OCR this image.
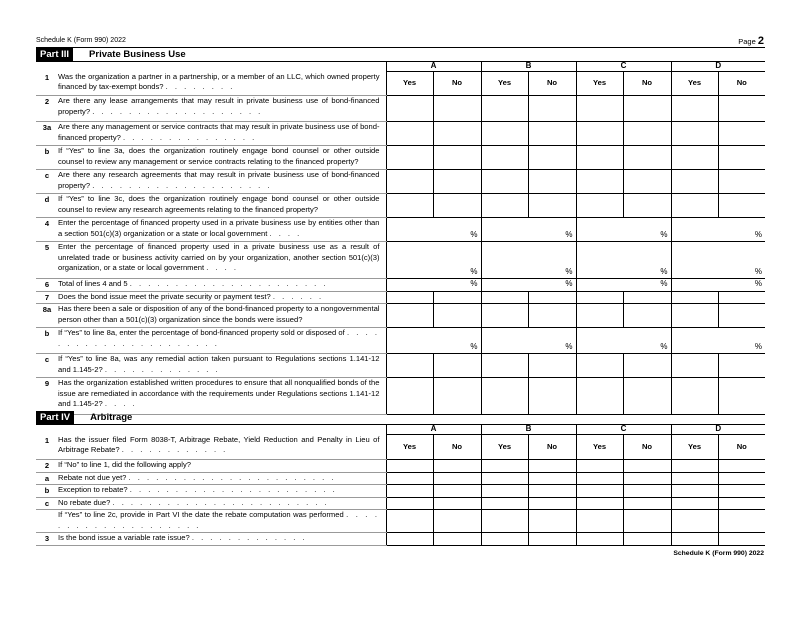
Schedule K (Form 990) 2022	Page 2
Part III	Private Business Use
		A		B		C		D	
1	Was the organization a partner in a partnership, or a member of an LLC, which owned property financed by tax-exempt bonds? . . . . . . . .	Yes	No	Yes	No	Yes	No	Yes	No
2	Are there any lease arrangements that may result in private business use of bond-financed property? . . . . . . . . . . . . . . . . . . .								
3a	Are there any management or service contracts that may result in private business use of bond-financed property? . . . . . . . . . . . . . . .								
b	If “Yes” to line 3a, does the organization routinely engage bond counsel or other outside counsel to review any management or service contracts relating to the financed property?								
c	Are there any research agreements that may result in private business use of bond-financed property? . . . . . . . . . . . . . . . . . . . .								
d	If “Yes” to line 3c, does the organization routinely engage bond counsel or other outside counsel to review any research agreements relating to the financed property?								
4	Enter the percentage of financed property used in a private business use by entities other than a section 501(c)(3) organization or a state or local government . . . .	%		%		%		%	

5	Enter the percentage of financed property used in a private business use as a result of unrelated trade or business activity carried on by your organization, another section 501(c)(3) organization, or a state or local government . . . .	%		%		%		%	

6	Total of lines 4 and 5 . . . . . . . . . . . . . . . . . . . . . .	%		%		%		%	

7	Does the bond issue meet the private security or payment test? . . . . . .								
8a	Has there been a sale or disposition of any of the bond-financed property to a nongovernmental person other than a 501(c)(3) organization since the bonds were issued?								
b	If “Yes” to line 8a, enter the percentage of bond-financed property sold or disposed of . . . . . . . . . . . . . . . . . . . . . .	%		%		%		%	

c	If “Yes” to line 8a, was any remedial action taken pursuant to Regulations sections 1.141-12 and 1.145-2? . . . . . . . . . . . . .								
9	Has the organization established written procedures to ensure that all nonqualified bonds of the issue are remediated in accordance with the requirements under Regulations sections 1.141-12 and 1.145-2? . . . .								
Part IV	Arbitrage
		A		B		C		D	
1	Has the issuer filed Form 8038-T, Arbitrage Rebate, Yield Reduction and Penalty in Lieu of Arbitrage Rebate? . . . . . . . . . . . .	Yes	No	Yes	No	Yes	No	Yes	No
2	If “No” to line 1, did the following apply?								
a	Rebate not due yet? . . . . . . . . . . . . . . . . . . . . . . .								
b	Exception to rebate? . . . . . . . . . . . . . . . . . . . . . . .								
c	No rebate due? . . . . . . . . . . . . . . . . . . . . . . . .								
	If “Yes” to line 2c, provide in Part VI the date the rebate computation was performed . . . . . . . . . . . . . . . . . . . .								
3	Is the bond issue a variable rate issue? . . . . . . . . . . . . .								
Schedule K (Form 990) 2022
